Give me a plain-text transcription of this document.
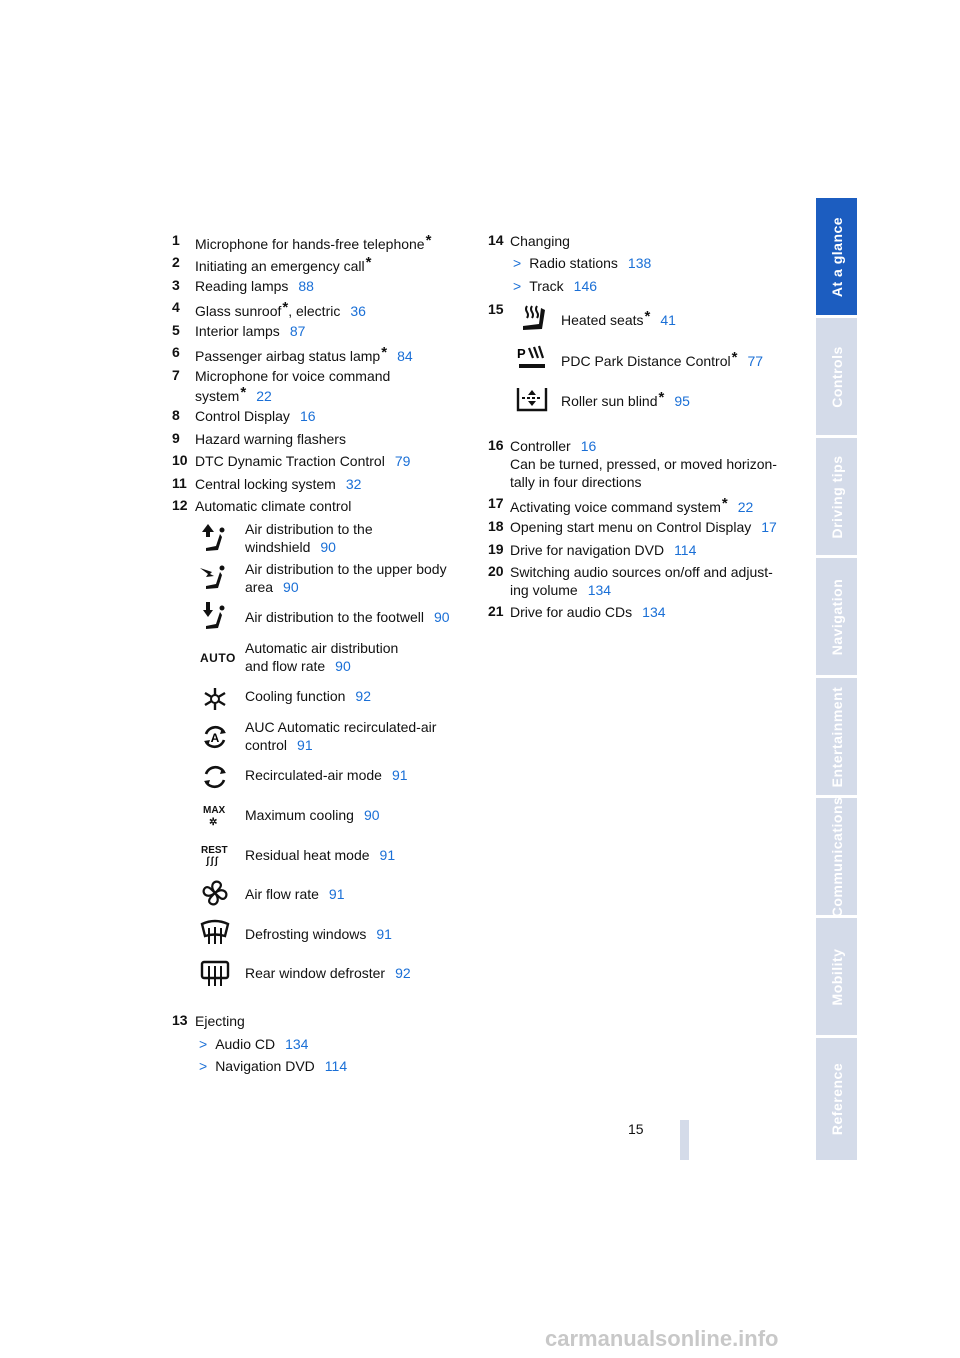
1 Microphone for hands-free telephone*
2 Initiating an emergency call*
3 Reading lamps 88
4 Glass sunroof*, electric 36
5 Interior lamps 87
6 Passenger airbag status lamp* 84
7 Microphone for voice command
system* 22
8 Control Display 16
9 Hazard warning flashers
10 DTC Dynamic Traction Control 79
11 Central locking system 32
12 Automatic climate control
Air distribution to the
windshield 90
Air distribution to the upper body
area 90
Air distribution to the footwell 90
AUTO
Automatic air distribution
and flow rate 90
Cooling function 92
A
AUC Automatic recirculated-air
control 91
Recirculated-air mode 91
MAX
✲ Maximum cooling 90
REST
ʃʃʃ Residual heat mode 91
Air flow rate 91
Defrosting windows 91
Rear window defroster 92
13 Ejecting
> Audio CD 134
> Navigation DVD 114
14 Changing
> Radio stations 138
> Track 146
15
Heated seats* 41
P	PDC Park Distance Control* 77
Roller sun blind* 95
16 Controller 16
Can be turned, pressed, or moved horizon-
tally in four directions
17 Activating voice command system* 22
18 Opening start menu on Control Display 17
19 Drive for navigation DVD 114
20 Switching audio sources on/off and adjust-
ing volume 134
21 Drive for audio CDs 134
At a glance
Controls
Driving tips
Navigation
Entertainment
Communications
Mobility
Reference
15
carmanualsonline.info
